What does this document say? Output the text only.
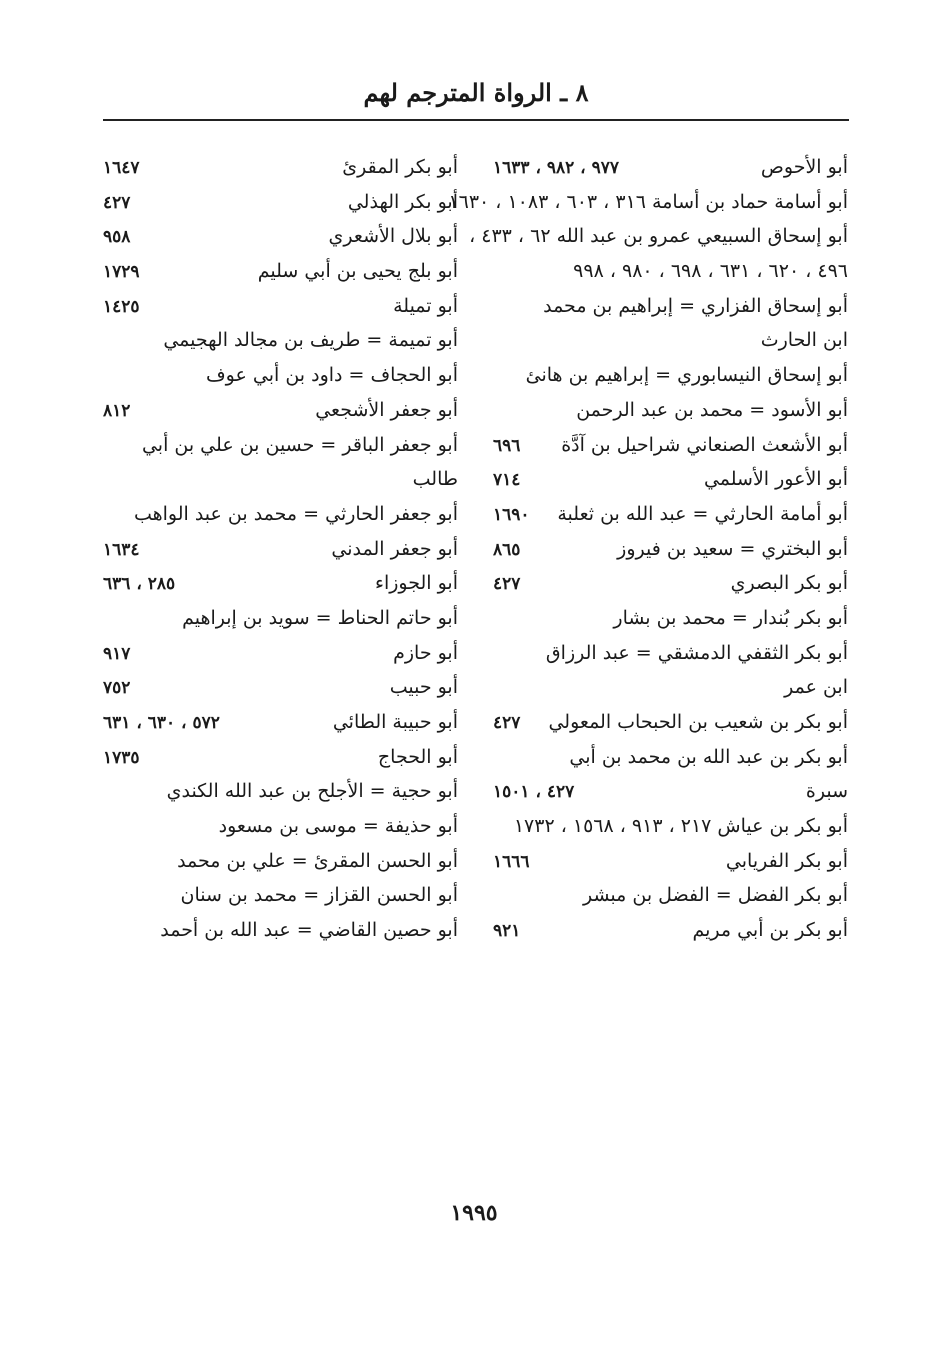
٨ ـ الرواة المترجم لهم
أبو الأحوص
٩٧٧ ، ٩٨٢ ، ١٦٣٣
أبو أسامة حماد بن أسامة ٣١٦ ، ٦٠٣ ، ١٠٨٣ ، ١٦٣٠
أبو إسحاق السبيعي عمرو بن عبد الله ٦٢ ، ٤٣٣ ،
٤٩٦ ، ٦٢٠ ، ٦٣١ ، ٦٩٨ ، ٩٨٠ ، ٩٩٨
أبو إسحاق الفزاري = إبراهيم بن محمد
ابن الحارث
أبو إسحاق النيسابوري = إبراهيم بن هانئ
أبو الأسود = محمد بن عبد الرحمن
أبو الأشعث الصنعاني شراحيل بن آدَّة
٦٩٦
أبو الأعور الأسلمي
٧١٤
أبو أمامة الحارثي = عبد الله بن ثعلبة
١٦٩٠
أبو البختري = سعيد بن فيروز
٨٦٥
أبو بكر البصري
٤٢٧
أبو بكر بُندار = محمد بن بشار
أبو بكر الثقفي الدمشقي = عبد الرزاق
ابن عمر
أبو بكر بن شعيب بن الحبحاب المعولي
٤٢٧
أبو بكر بن عبد الله بن محمد بن أبي
سبرة
٤٢٧ ، ١٥٠١
أبو بكر بن عياش ٢١٧ ، ٩١٣ ، ١٥٦٨ ، ١٧٣٢
أبو بكر الفريابي
١٦٦٦
أبو بكر الفضل = الفضل بن مبشر
أبو بكر بن أبي مريم
٩٢١
أبو بكر المقرئ
١٦٤٧
أبو بكر الهذلي
٤٢٧
أبو بلال الأشعري
٩٥٨
أبو بلج يحيى بن أبي سليم
١٧٢٩
أبو تميلة
١٤٢٥
أبو تميمة = طريف بن مجالد الهجيمي
أبو الحجاف = داود بن أبي عوف
أبو جعفر الأشجعي
٨١٢
أبو جعفر الباقر = حسين بن علي بن أبي
طالب
أبو جعفر الحارثي = محمد بن عبد الواهب
أبو جعفر المدني
١٦٣٤
أبو الجوزاء
٢٨٥ ، ٦٣٦
أبو حاتم الحناط = سويد بن إبراهيم
أبو حازم
٩١٧
أبو حبيب
٧٥٢
أبو حبيبة الطائي
٥٧٢ ، ٦٣٠ ، ٦٣١
أبو الحجاج
١٧٣٥
أبو حجية = الأجلح بن عبد الله الكندي
أبو حذيفة = موسى بن مسعود
أبو الحسن المقرئ = علي بن محمد
أبو الحسن القزاز = محمد بن سنان
أبو حصين القاضي = عبد الله بن أحمد
١٩٩٥
